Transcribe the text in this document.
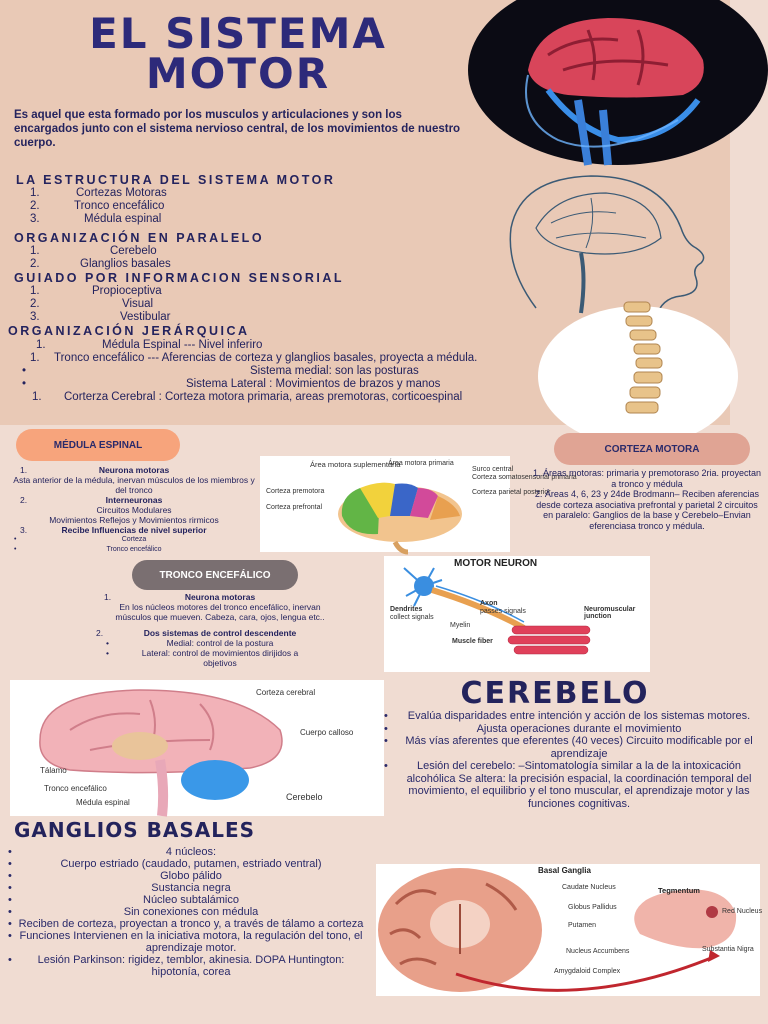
EL SISTEMA
MOTOR
Es aquel que esta formado por los musculos y articulaciones y son los encargados junto con el sistema nervioso central, de los movimientos de nuestro cuerpo.
LA ESTRUCTURA DEL SISTEMA MOTOR
1.	Cortezas Motoras
2.	Tronco encefálico
3.	Médula espinal
ORGANIZACIÓN EN PARALELO
1.	Cerebelo
2.	Glanglios basales
GUIADO POR INFORMACION SENSORIAL
1.	Propioceptiva
2.	Visual
3.	Vestibular
ORGANIZACIÓN JERÁRQUICA
1.	Médula Espinal --- Nivel inferiro
1. Tronco encefálico --- Aferencias de corteza y glanglios basales, proyecta a médula.
•	Sistema medial: son las posturas
•	Sistema Lateral : Movimientos de brazos y manos
1. Corterza Cerebral : Corteza motora primaria, areas premotoras, corticoespinal
MÉDULA ESPINAL
1.	Neurona motoras
Asta anterior de la médula, inervan músculos de los miembros y del tronco
2.	Interneuronas
Circuitos Modulares
Movimientos Reflejos y Movimientos rirmicos
3.	Recibe Influencias de nivel superior
•	Corteza
•	Tronco encefálico
Área motora suplementaria
Área motora primaria
Surco central
Corteza somatosensorial primaria
Corteza parietal posterior
Corteza premotora
Corteza prefrontal
CORTEZA MOTORA
1. Áreas motoras: primaria y premotoraso 2ria. proyectan a tronco y médula
2. Áreas 4, 6, 23 y 24de Brodmann– Reciben aferencias desde corteza asociativa prefrontal y parietal 2 circuitos en paralelo: Ganglios de la base y Cerebelo–Envian eferenciasa tronco y médula.
TRONCO ENCEFÁLICO
1.	Neurona motoras
En los núcleos motores del tronco encefálico, inervan músculos que mueven. Cabeza, cara, ojos, lengua etc..
2.	Dos sistemas de control descendente
•	Medial: control de la postura
•	Lateral: control de movimientos dirijidos a objetivos
MOTOR NEURON
Dendrites
collect signals
Axon
passes signals
Myelin
Neuromuscular junction
Muscle fiber
Corteza cerebral
Cuerpo calloso
Tálamo
Tronco encefálico
Médula espinal
Cerebelo
CEREBELO
• Evalúa disparidades entre intención y acción de los sistemas motores.
• Ajusta operaciones durante el movimiento
• Más vías aferentes que eferentes (40 veces) Circuito modificable por el aprendizaje
• Lesión del cerebelo: –Sintomatología similar a la de la intoxicación alcohólica Se altera: la precisión espacial, la coordinación temporal del movimiento, el equilibrio y el tono muscular, el aprendizaje motor y las funciones cognitivas.
GANGLIOS BASALES
• 4 núcleos:
• Cuerpo estriado (caudado, putamen, estriado ventral)
• Globo pálido
• Sustancia negra
• Núcleo subtalámico
• Sin conexiones con médula
• Reciben de corteza, proyectan a tronco y, a través de tálamo a corteza
• Funciones Intervienen en la iniciativa motora, la regulación del tono, el aprendizaje motor.
• Lesión Parkinson: rigidez, temblor, akinesia. DOPA Huntington: hipotonía, corea
Basal Ganglia
Tegmentum
Caudate Nucleus
Globus Pallidus
Putamen
Nucleus Accumbens
Amygdaloid Complex
Red Nucleus
Substantia Nigra
